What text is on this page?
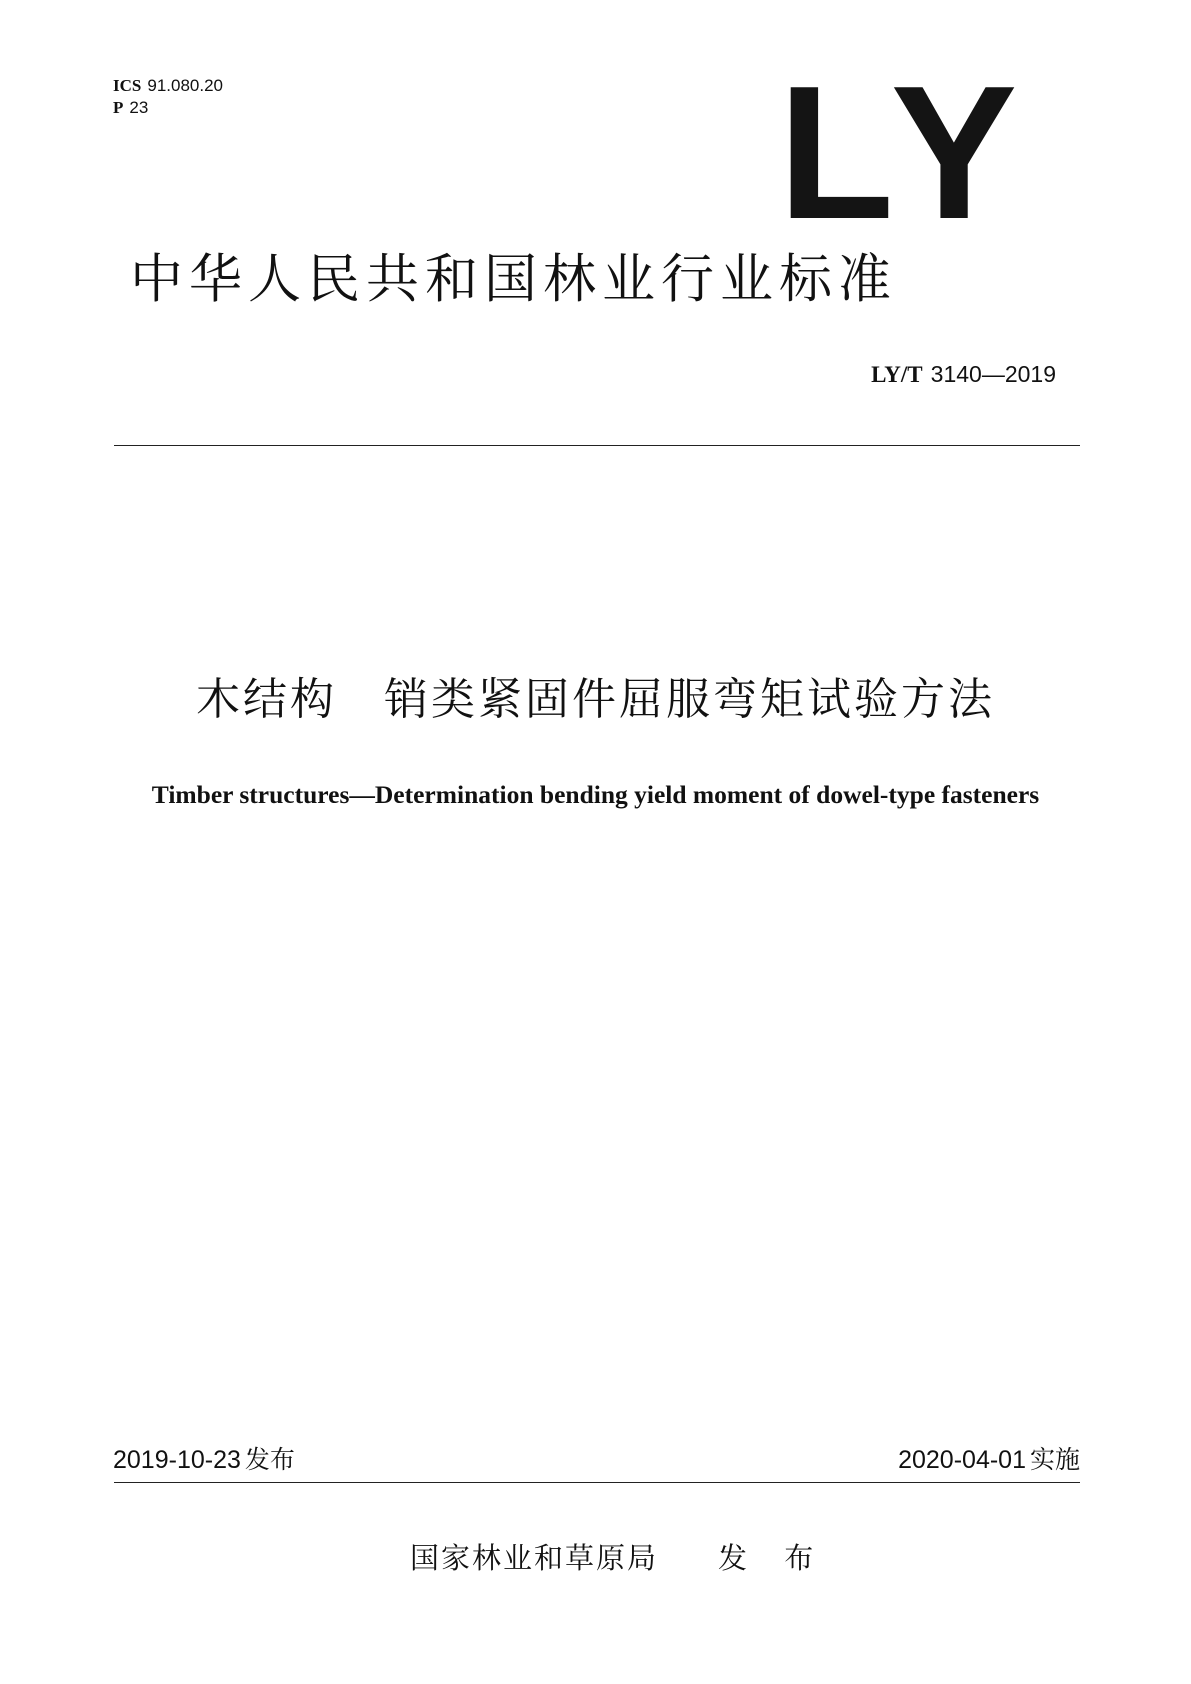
ICS 91.080.20
P 23	LY
中华人民共和国林业行业标准
LY/T 3140—2019
木结构　销类紧固件屈服弯矩试验方法
Timber structures—Determination bending yield moment of dowel-type fasteners
2019-10-23 发布	2020-04-01 实施
国家林业和草原局 发 布
